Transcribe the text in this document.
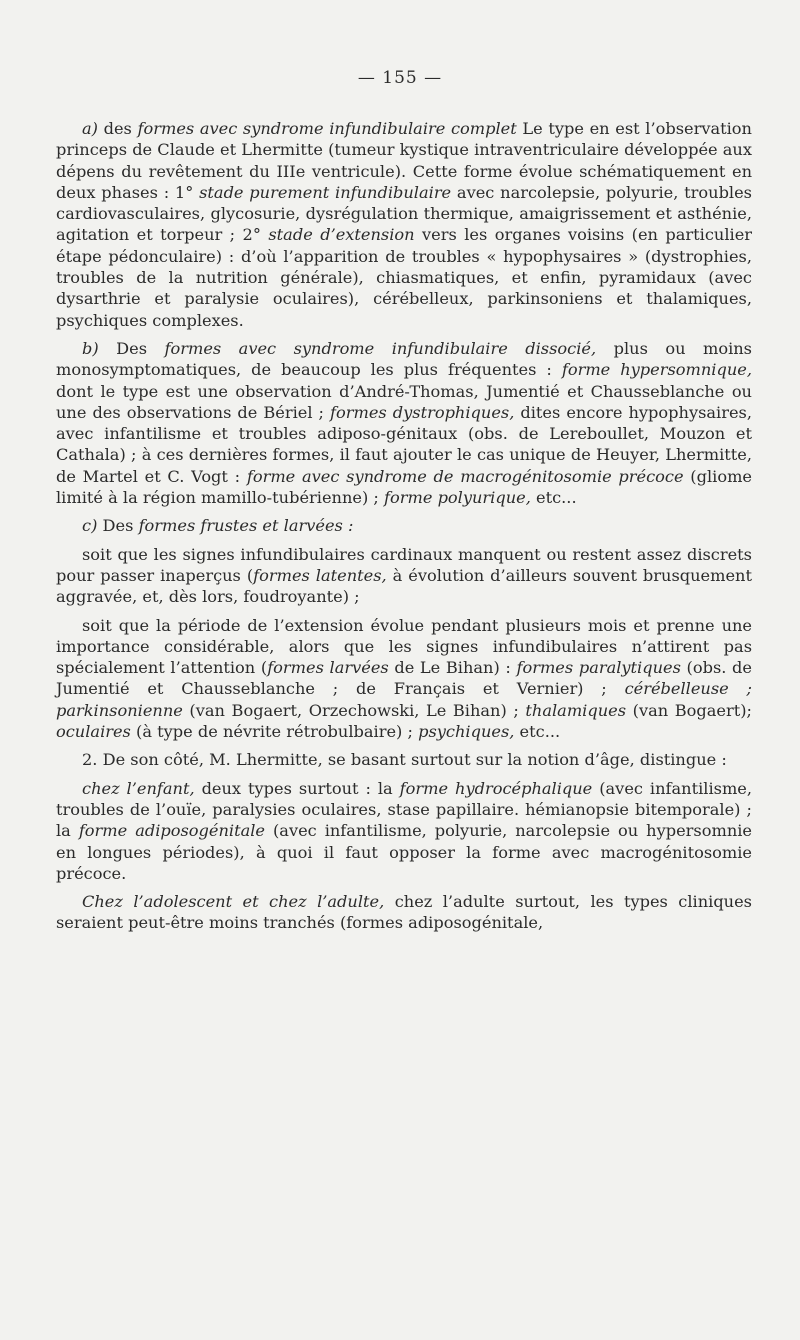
— 155 —

a) des formes avec syndrome infundibulaire complet Le type en est l’observation princeps de Claude et Lhermitte (tumeur kystique intraventriculaire développée aux dépens du revêtement du IIIe ventricule). Cette forme évolue schématiquement en deux phases : 1° stade purement infundibulaire avec narcolepsie, polyurie, troubles cardiovasculaires, glycosurie, dysrégulation thermique, amaigrissement et asthénie, agitation et torpeur ; 2° stade d’extension vers les organes voisins (en particulier étape pédonculaire) : d’où l’apparition de troubles « hypophysaires » (dystrophies, troubles de la nutrition générale), chiasmatiques, et enfin, pyramidaux (avec dysarthrie et paralysie oculaires), cérébelleux, parkinsoniens et thalamiques, psychiques complexes.

b) Des formes avec syndrome infundibulaire dissocié, plus ou moins monosymptomatiques, de beaucoup les plus fréquentes : forme hypersomnique, dont le type est une observation d’André-Thomas, Jumentié et Chausseblanche ou une des observations de Bériel ; formes dystrophiques, dites encore hypophysaires, avec infantilisme et troubles adiposo-génitaux (obs. de Lereboullet, Mouzon et Cathala) ; à ces dernières formes, il faut ajouter le cas unique de Heuyer, Lhermitte, de Martel et C. Vogt : forme avec syndrome de macrogénitosomie précoce (gliome limité à la région mamillo-tubérienne) ; forme polyurique, etc...

c) Des formes frustes et larvées :

soit que les signes infundibulaires cardinaux manquent ou restent assez discrets pour passer inaperçus (formes latentes, à évolution d’ailleurs souvent brusquement aggravée, et, dès lors, foudroyante) ;

soit que la période de l’extension évolue pendant plusieurs mois et prenne une importance considérable, alors que les signes infundibulaires n’attirent pas spécialement l’attention (formes larvées de Le Bihan) : formes paralytiques (obs. de Jumentié et Chausseblanche ; de Français et Vernier) ; cérébelleuse ; parkinsonienne (van Bogaert, Orzechowski, Le Bihan) ; thalamiques (van Bogaert); oculaires (à type de névrite rétrobulbaire) ; psychiques, etc...

2. De son côté, M. Lhermitte, se basant surtout sur la notion d’âge, distingue :

chez l’enfant, deux types surtout : la forme hydrocéphalique (avec infantilisme, troubles de l’ouïe, paralysies oculaires, stase papillaire. hémianopsie bitemporale) ; la forme adiposogénitale (avec infantilisme, polyurie, narcolepsie ou hypersomnie en longues périodes), à quoi il faut opposer la forme avec macrogénitosomie précoce.

Chez l’adolescent et chez l’adulte, chez l’adulte surtout, les types cliniques seraient peut-être moins tranchés (formes adiposogénitale,
